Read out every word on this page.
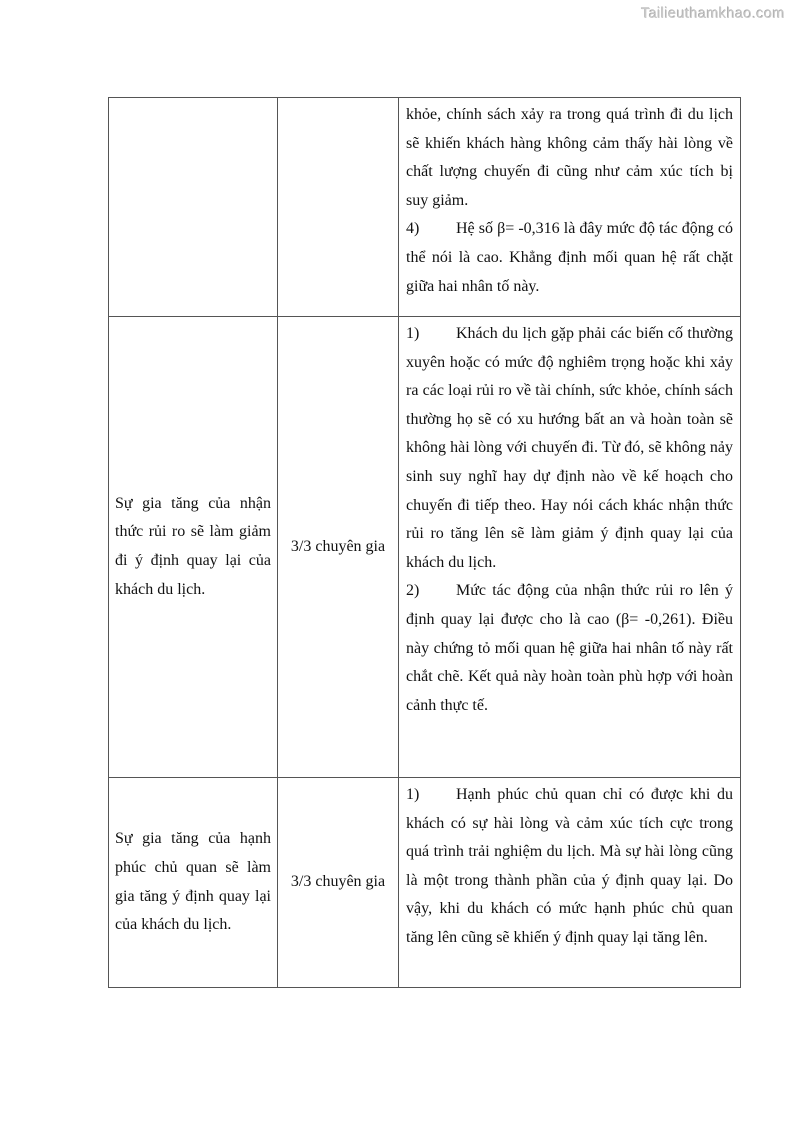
Tailieuthamkhao.com

		khỏe, chính sách xảy ra trong quá trình đi du lịch sẽ khiến khách hàng không cảm thấy hài lòng về chất lượng chuyến đi cũng như cảm xúc tích bị suy giảm.

4) Hệ số β= -0,316 là đây mức độ tác động có thể nói là cao. Khẳng định mối quan hệ rất chặt giữa hai nhân tố này.

Sự gia tăng của nhận thức rủi ro sẽ làm giảm đi ý định quay lại của khách du lịch.	3/3 chuyên gia	1) Khách du lịch gặp phải các biến cố thường xuyên hoặc có mức độ nghiêm trọng hoặc khi xảy ra các loại rủi ro về tài chính, sức khỏe, chính sách thường họ sẽ có xu hướng bất an và hoàn toàn sẽ không hài lòng với chuyến đi. Từ đó, sẽ không nảy sinh suy nghĩ hay dự định nào về kế hoạch cho chuyến đi tiếp theo. Hay nói cách khác nhận thức rủi ro tăng lên sẽ làm giảm ý định quay lại của khách du lịch.

2) Mức tác động của nhận thức rủi ro lên ý định quay lại được cho là cao (β= -0,261). Điều này chứng tỏ mối quan hệ giữa hai nhân tố này rất chắt chẽ. Kết quả này hoàn toàn phù hợp với hoàn cảnh thực tế.

Sự gia tăng của hạnh phúc chủ quan sẽ làm gia tăng ý định quay lại của khách du lịch.	3/3 chuyên gia	1) Hạnh phúc chủ quan chỉ có được khi du khách có sự hài lòng và cảm xúc tích cực trong quá trình trải nghiệm du lịch. Mà sự hài lòng cũng là một trong thành phần của ý định quay lại. Do vậy, khi du khách có mức hạnh phúc chủ quan tăng lên cũng sẽ khiến ý định quay lại tăng lên.
